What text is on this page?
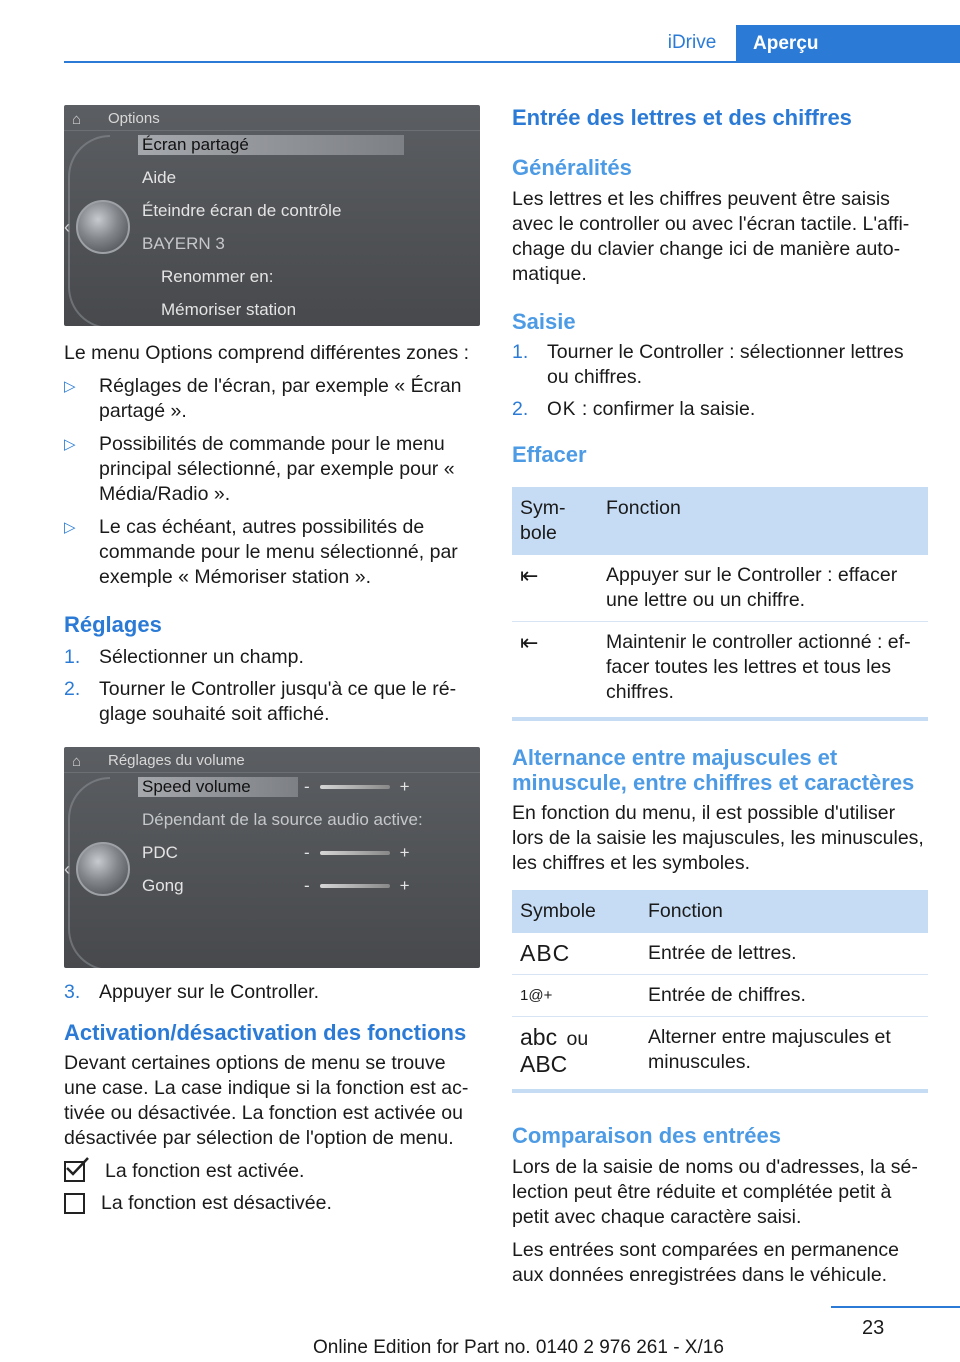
iDrive	Aperçu
⌂	Options
‹
Écran partagé
Aide
Éteindre écran de contrôle
BAYERN 3
Renommer en:
Mémoriser station

Le menu Options comprend différentes zones :

▷ Réglages de l'écran, par exemple « Écran partagé ».
▷ Possibilités de commande pour le menu principal sélectionné, par exemple pour « Média/Radio ».
▷ Le cas échéant, autres possibilités de commande pour le menu sélectionné, par exemple « Mémoriser station ».
Réglages
1. Sélectionner un champ.
2. Tourner le Controller jusqu'à ce que le réglage souhaité soit affiché.
⌂	Réglages du volume
‹
Speed volume
Dépendant de la source audio active:
PDC
Gong
-	+
-	+
-	+
3. Appuyer sur le Controller.
Activation/désactivation des fonctions

Devant certaines options de menu se trouve une case. La case indique si la fonction est activée ou désactivée. La fonction est activée ou désactivée par sélection de l'option de menu.

La fonction est activée.
La fonction est désactivée.
Entrée des lettres et des chiffres
Généralités

Les lettres et les chiffres peuvent être saisis avec le controller ou avec l'écran tactile. L'affichage du clavier change ici de manière automatique.

Saisie
1. Tourner le Controller : sélectionner lettres ou chiffres.
2. OK : confirmer la saisie.
Effacer
Symbole	Fonction
⇤	Appuyer sur le Controller : effacer une lettre ou un chiffre.
⇤	Maintenir le controller actionné : effacer toutes les lettres et tous les chiffres.
Alternance entre majuscules et minuscule, entre chiffres et caractères

En fonction du menu, il est possible d'utiliser lors de la saisie les majuscules, les minuscules, les chiffres et les symboles.

Symbole	Fonction
ABC	Entrée de lettres.
1@+	Entrée de chiffres.
abc ou
ABC	Alterner entre majuscules et minuscules.
Comparaison des entrées

Lors de la saisie de noms ou d'adresses, la sélection peut être réduite et complétée petit à petit avec chaque caractère saisi.

Les entrées sont comparées en permanence aux données enregistrées dans le véhicule.

23
Online Edition for Part no. 0140 2 976 261 - X/16
